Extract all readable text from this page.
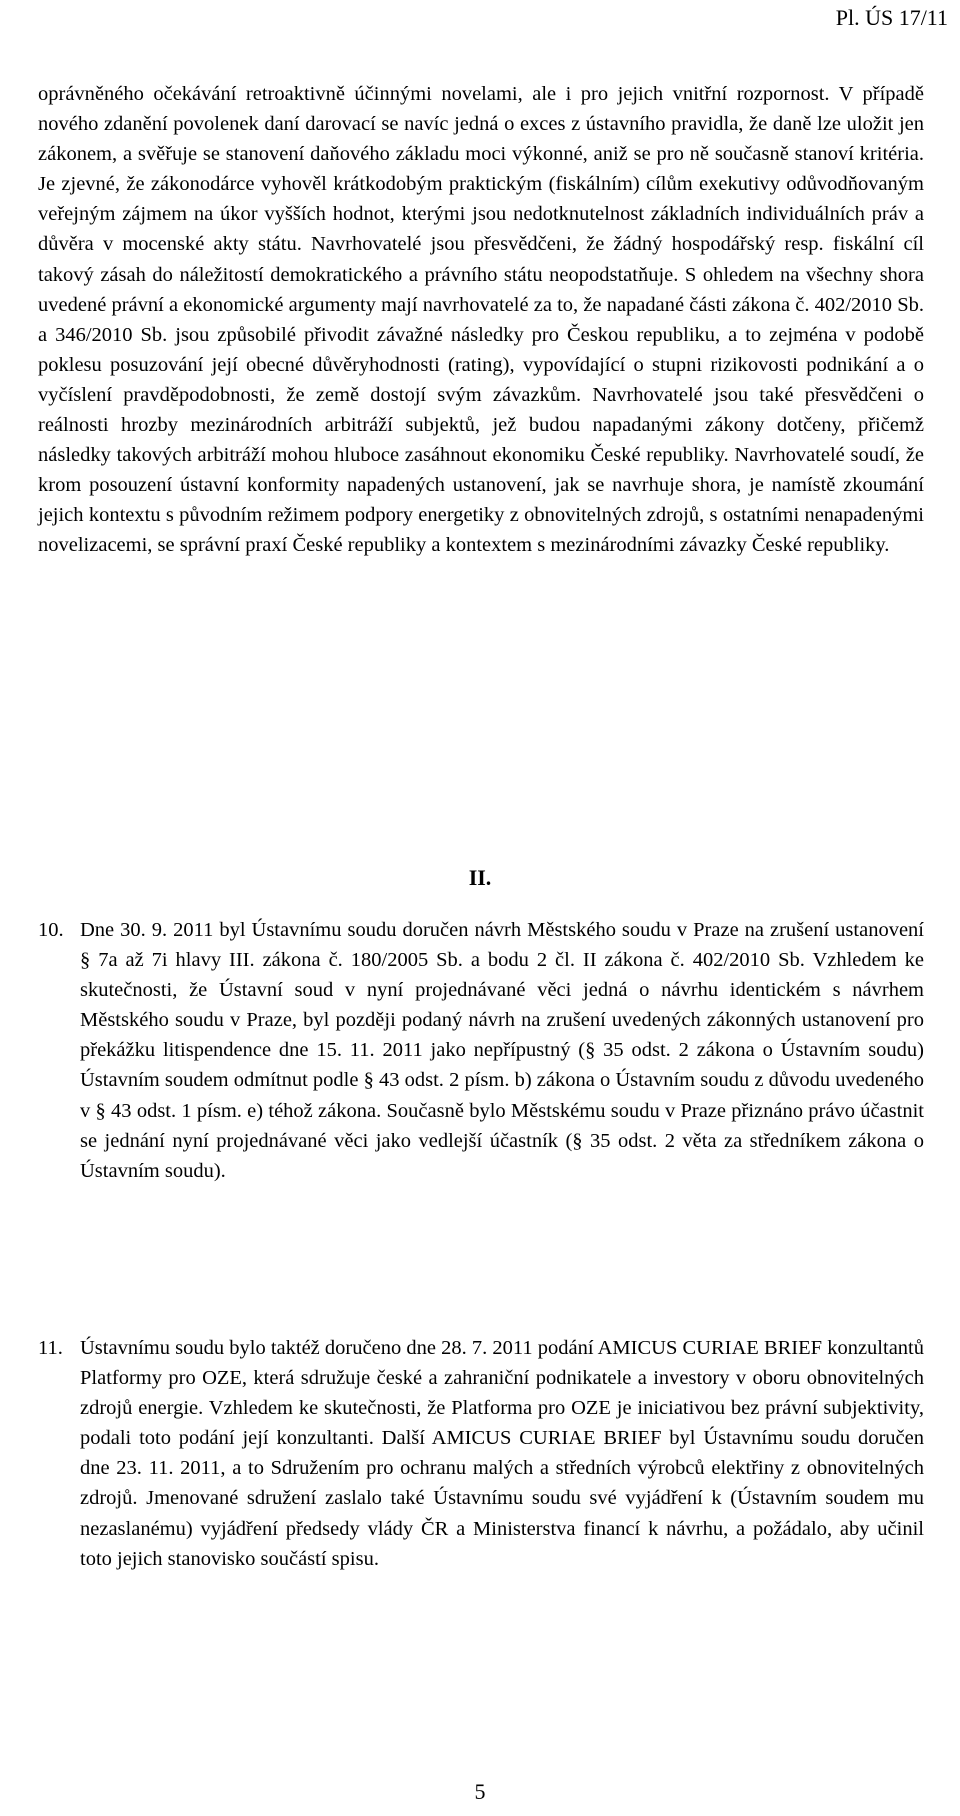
Pl. ÚS 17/11

oprávněného očekávání retroaktivně účinnými novelami, ale i pro jejich vnitřní rozpornost. V případě nového zdanění povolenek daní darovací se navíc jedná o exces z ústavního pravidla, že daně lze uložit jen zákonem, a svěřuje se stanovení daňového základu moci výkonné, aniž se pro ně současně stanoví kritéria. Je zjevné, že zákonodárce vyhověl krátkodobým praktickým (fiskálním) cílům exekutivy odůvodňovaným veřejným zájmem na úkor vyšších hodnot, kterými jsou nedotknutelnost základních individuálních práv a důvěra v mocenské akty státu. Navrhovatelé jsou přesvědčeni, že žádný hospodářský resp. fiskální cíl takový zásah do náležitostí demokratického a právního státu neopodstatňuje. S ohledem na všechny shora uvedené právní a ekonomické argumenty mají navrhovatelé za to, že napadané části zákona č. 402/2010 Sb. a 346/2010 Sb. jsou způsobilé přivodit závažné následky pro Českou republiku, a to zejména v podobě poklesu posuzování její obecné důvěryhodnosti (rating), vypovídající o stupni rizikovosti podnikání a o vyčíslení pravděpodobnosti, že země dostojí svým závazkům. Navrhovatelé jsou také přesvědčeni o reálnosti hrozby mezinárodních arbitráží subjektů, jež budou napadanými zákony dotčeny, přičemž následky takových arbitráží mohou hluboce zasáhnout ekonomiku České republiky. Navrhovatelé soudí, že krom posouzení ústavní konformity napadených ustanovení, jak se navrhuje shora, je namístě zkoumání jejich kontextu s původním režimem podpory energetiky z obnovitelných zdrojů, s ostatními nenapadenými novelizacemi, se správní praxí České republiky a kontextem s mezinárodními závazky České republiky.

II.
10. Dne 30. 9. 2011 byl Ústavnímu soudu doručen návrh Městského soudu v Praze na zrušení ustanovení § 7a až 7i hlavy III. zákona č. 180/2005 Sb. a bodu 2 čl. II zákona č. 402/2010 Sb. Vzhledem ke skutečnosti, že Ústavní soud v nyní projednávané věci jedná o návrhu identickém s návrhem Městského soudu v Praze, byl později podaný návrh na zrušení uvedených zákonných ustanovení pro překážku litispendence dne 15. 11. 2011 jako nepřípustný (§ 35 odst. 2 zákona o Ústavním soudu) Ústavním soudem odmítnut podle § 43 odst. 2 písm. b) zákona o Ústavním soudu z důvodu uvedeného v § 43 odst. 1 písm. e) téhož zákona. Současně bylo Městskému soudu v Praze přiznáno právo účastnit se jednání nyní projednávané věci jako vedlejší účastník (§ 35 odst. 2 věta za středníkem zákona o Ústavním soudu).

11. Ústavnímu soudu bylo taktéž doručeno dne 28. 7. 2011 podání AMICUS CURIAE BRIEF konzultantů Platformy pro OZE, která sdružuje české a zahraniční podnikatele a investory v oboru obnovitelných zdrojů energie. Vzhledem ke skutečnosti, že Platforma pro OZE je iniciativou bez právní subjektivity, podali toto podání její konzultanti. Další AMICUS CURIAE BRIEF byl Ústavnímu soudu doručen dne 23. 11. 2011, a to Sdružením pro ochranu malých a středních výrobců elektřiny z obnovitelných zdrojů. Jmenované sdružení zaslalo také Ústavnímu soudu své vyjádření k (Ústavním soudem mu nezaslanému) vyjádření předsedy vlády ČR a Ministerstva financí k návrhu, a požádalo, aby učinil toto jejich stanovisko součástí spisu.

5
